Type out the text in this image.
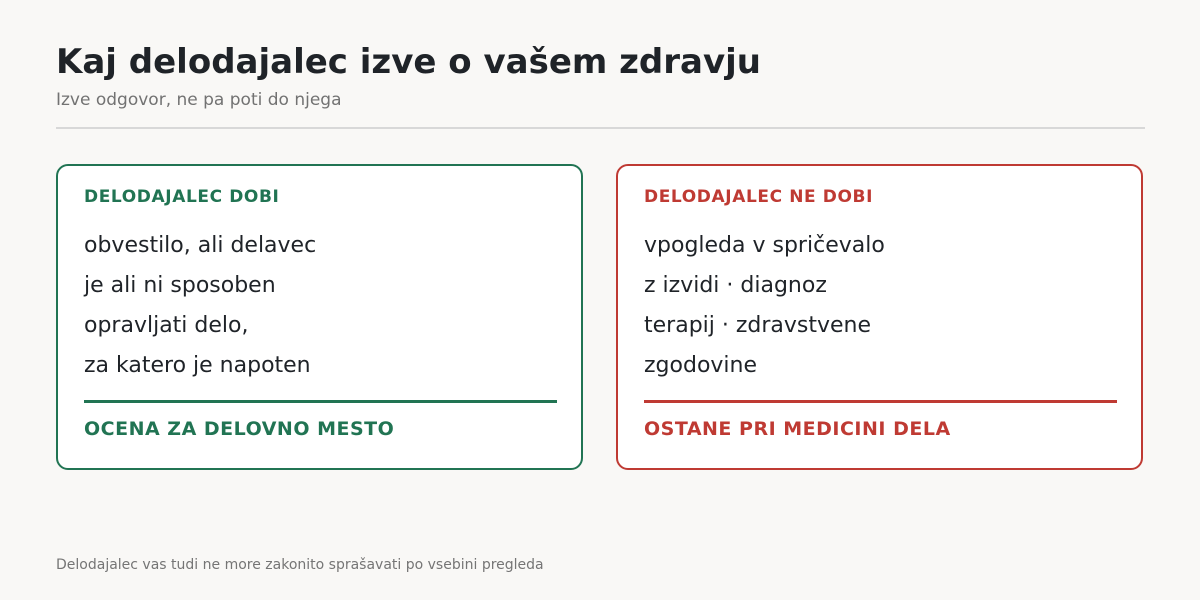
Kaj delodajalec izve o vašem zdravju
Izve odgovor, ne pa poti do njega
DELODAJALEC DOBI
obvestilo, ali delavec
je ali ni sposoben
opravljati delo,
za katero je napoten
OCENA ZA DELOVNO MESTO
DELODAJALEC NE DOBI
vpogleda v spričevalo
z izvidi · diagnoz
terapij · zdravstvene
zgodovine
OSTANE PRI MEDICINI DELA
Delodajalec vas tudi ne more zakonito sprašavati po vsebini pregleda
